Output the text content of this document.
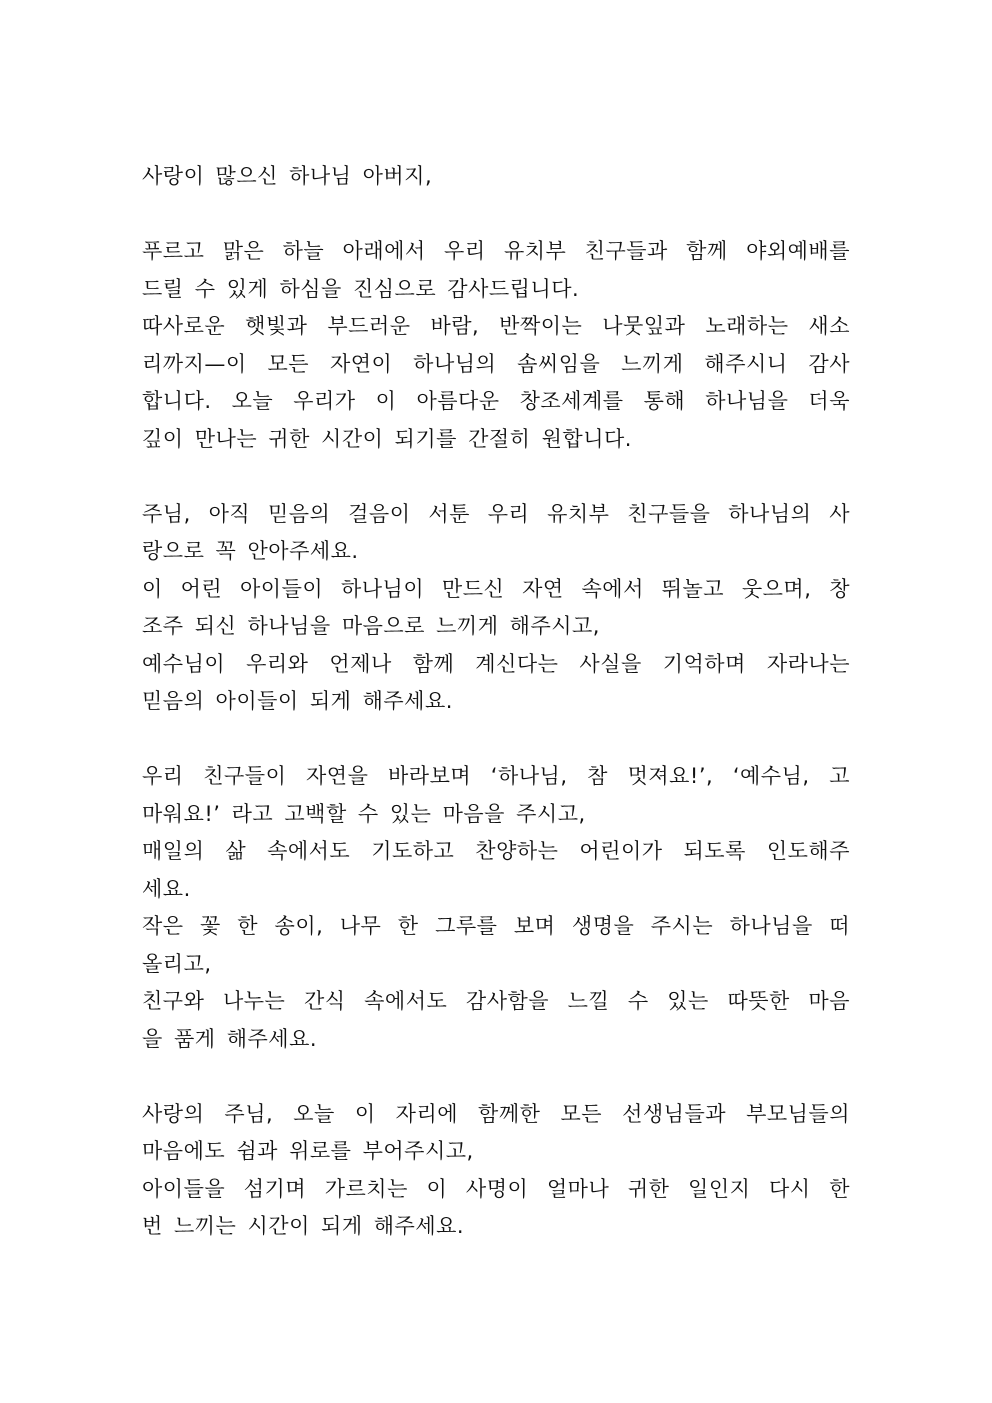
사랑이 많으신 하나님 아버지,

푸르고 맑은 하늘 아래에서 우리 유치부 친구들과 함께 야외예배를
드릴 수 있게 하심을 진심으로 감사드립니다.
따사로운 햇빛과 부드러운 바람, 반짝이는 나뭇잎과 노래하는 새소
리까지—이 모든 자연이 하나님의 솜씨임을 느끼게 해주시니 감사
합니다. 오늘 우리가 이 아름다운 창조세계를 통해 하나님을 더욱
깊이 만나는 귀한 시간이 되기를 간절히 원합니다.

주님, 아직 믿음의 걸음이 서툰 우리 유치부 친구들을 하나님의 사
랑으로 꼭 안아주세요.
이 어린 아이들이 하나님이 만드신 자연 속에서 뛰놀고 웃으며, 창
조주 되신 하나님을 마음으로 느끼게 해주시고,
예수님이 우리와 언제나 함께 계신다는 사실을 기억하며 자라나는
믿음의 아이들이 되게 해주세요.

우리 친구들이 자연을 바라보며 ‘하나님, 참 멋져요!’, ‘예수님, 고
마워요!’ 라고 고백할 수 있는 마음을 주시고,
매일의 삶 속에서도 기도하고 찬양하는 어린이가 되도록 인도해주
세요.
작은 꽃 한 송이, 나무 한 그루를 보며 생명을 주시는 하나님을 떠
올리고,
친구와 나누는 간식 속에서도 감사함을 느낄 수 있는 따뜻한 마음
을 품게 해주세요.

사랑의 주님, 오늘 이 자리에 함께한 모든 선생님들과 부모님들의
마음에도 쉼과 위로를 부어주시고,
아이들을 섬기며 가르치는 이 사명이 얼마나 귀한 일인지 다시 한
번 느끼는 시간이 되게 해주세요.
